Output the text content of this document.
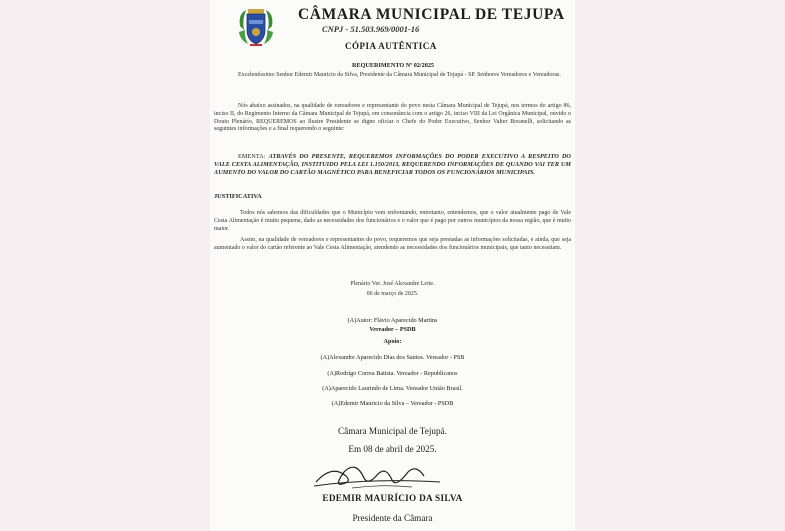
CÂMARA MUNICIPAL DE TEJUPA
CNPJ - 51.503.969/0001-16
CÓPIA AUTÊNTICA
REQUERIMENTO Nº 02/2025
Excelentíssimo Senhor Edemir Mauricio da Silva, Presidente da Câmara Municipal de Tejupá - SP. Senhores Vereadores e Vereadoras.
Nós abaixo assinados, na qualidade de vereadores e representante do povo nesta Câmara Municipal de Tejupá, nos termos do artigo 86, inciso II, do Regimento Interno da Câmara Municipal de Tejupá, em consonância com o artigo 26, inciso VIII da Lei Orgânica Municipal, ouvido o Douto Plenário, REQUEREMOS ao Ilustre Presidente se digne oficiar o Chefe do Poder Executivo, Senhor Valter Boranelli, solicitando as seguintes informações e a final requerendo o seguinte:
EMENTA: ATRAVÉS DO PRESENTE, REQUEREMOS INFORMAÇÕES DO PODER EXECUTIVO A RESPEITO DO VALE CESTA ALIMENTAÇÃO, INSTITUIDO PELA LEI 1.150/2013, REQUERENDO INFORMAÇÕES DE QUANDO VAI TER UM AUMENTO DO VALOR DO CARTÃO MAGNÉTICO PARA BENEFICIAR TODOS OS FUNCIONÁRIOS MUNICIPAIS.
JUSTIFICATIVA
Todos nós sabemos das dificuldades que o Município vem enfrentando, entretanto, entendemos, que o valor atualmente pago de Vale Cesta Alimentação é muito pequena, dado as necessidades dos funcionários e o valor que é pago por outros municípios da nossa região, que é muito maior.
Assim, na qualidade de vereadores e representantes do povo, requeremos que seja prestadas as informações solicitadas, e ainda, que seja aumentado o valor do cartão referente ao Vale Cesta Alimentação, atendendo as necessidades dos funcionários municipais, que tanto necessitam.
Plenário Ver. José Alexandre Leite.
06 de março de 2025.
(A)Autor: Flávio Aparecido Martins
Vereador – PSDB
Apoio:
(A)Alexandre Aparecido Dias dos Santos. Vereador - PSB
(A)Rodrigo Correa Batista. Vereador - Republicanos
(A)Aparecido Laurindo de Lima. Vereador União Brasil.
(A)Edemir Mauricio da Silva – Vereador - PSDB
Câmara Municipal de Tejupá.
Em 08 de abril de 2025.
EDEMIR MAURÍCIO DA SILVA
Presidente da Câmara
